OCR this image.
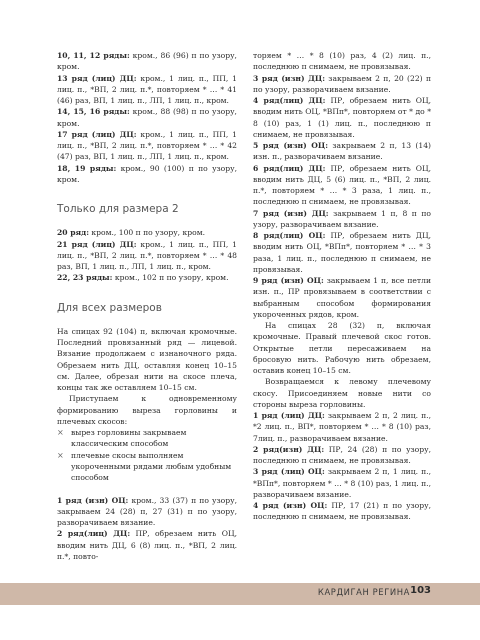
10, 11, 12 ряды: кром., 86 (96) п по узору, кром.

13 ряд (лиц) ДЦ: кром., 1 лиц. п., ПП, 1 лиц. п., *ВП, 2 лиц. п.*, повторяем * … * 41 (46) раз, ВП, 1 лиц. п., ЛП, 1 лиц. п., кром.

14, 15, 16 ряды: кром., 88 (98) п по узору, кром.

17 ряд (лиц) ДЦ: кром., 1 лиц. п., ПП, 1 лиц. п., *ВП, 2 лиц. п.*, повторяем * … * 42 (47) раз, ВП, 1 лиц. п., ЛП, 1 лиц. п., кром.

18, 19 ряды: кром., 90 (100) п по узору, кром.

Только для размера 2

20 ряд: кром., 100 п по узору, кром.

21 ряд (лиц) ДЦ: кром., 1 лиц. п., ПП, 1 лиц. п., *ВП, 2 лиц. п.*, повторяем * … * 48 раз, ВП, 1 лиц. п., ЛП, 1 лиц. п., кром.

22, 23 ряды: кром., 102 п по узору, кром.

Для всех размеров

На спицах 92 (104) п, включая кромочные. Последний провязанный ряд — лицевой. Вязание продолжаем с изнаночного ряда. Обрезаем нить ДЦ, оставляя конец 10–15 см. Далее, обрезая нити на скосе плеча, концы так же оставляем 10–15 см.

Приступаем к одновременному формированию выреза горловины и плечевых скосов:

× вырез горловины закрываем классическим способом
× плечевые скосы выполняем укороченными рядами любым удобным способом

1 ряд (изн) ОЦ: кром., 33 (37) п по узору, закрываем 24 (28) п, 27 (31) п по узору, разворачиваем вязание.

2 ряд(лиц) ДЦ: ПР, обрезаем нить ОЦ, вводим нить ДЦ, 6 (8) лиц. п., *ВП, 2 лиц. п.*, повто-

торяем * … * 8 (10) раз, 4 (2) лиц. п., последнюю п снимаем, не провязывая.

3 ряд (изн) ДЦ: закрываем 2 п, 20 (22) п по узору, разворачиваем вязание.

4 ряд(лиц) ДЦ: ПР, обрезаем нить ОЦ, вводим нить ОЦ, *ВПп*, повторяем от * до * 8 (10) раз, 1 (1) лиц. п., последнюю п снимаем, не провязывая.

5 ряд (изн) ОЦ: закрываем 2 п, 13 (14) изн. п., разворачиваем вязание.

6 ряд(лиц) ДЦ: ПР, обрезаем нить ОЦ, вводим нить ДЦ, 5 (6) лиц. п., *ВП, 2 лиц. п.*, повторяем * … * 3 раза, 1 лиц. п., последнюю п снимаем, не провязывая.

7 ряд (изн) ДЦ: закрываем 1 п, 8 п по узору, разворачиваем вязание.

8 ряд(лиц) ОЦ: ПР, обрезаем нить ДЦ, вводим нить ОЦ, *ВПп*, повторяем * … * 3 раза, 1 лиц. п., последнюю п снимаем, не провязывая.

9 ряд (изн) ОЦ: закрываем 1 п, все петли изн. п., ПР провязываем в соответствии с выбранным способом формирования укороченных рядов, кром.

На спицах 28 (32) п, включая кромочные. Правый плечевой скос готов. Открытые петли пересаживаем на бросовую нить. Рабочую нить обрезаем, оставив конец 10–15 см.

Возвращаемся к левому плечевому скосу. Присоединяем новые нити со стороны выреза горловины.

1 ряд (лиц) ДЦ: закрываем 2 п, 2 лиц. п., *2 лиц. п., ВП*, повторяем * … * 8 (10) раз, 7лиц. п., разворачиваем вязание.

2 ряд(изн) ДЦ: ПР, 24 (28) п по узору, последнюю п снимаем, не провязывая.

3 ряд (лиц) ОЦ: закрываем 2 п, 1 лиц. п., *ВПп*, повторяем * … * 8 (10) раз, 1 лиц. п., разворачиваем вязание.

4 ряд (изн) ОЦ: ПР, 17 (21) п по узору, последнюю п снимаем, не провязывая.

КАРДИГАН РЕГИНА 103
